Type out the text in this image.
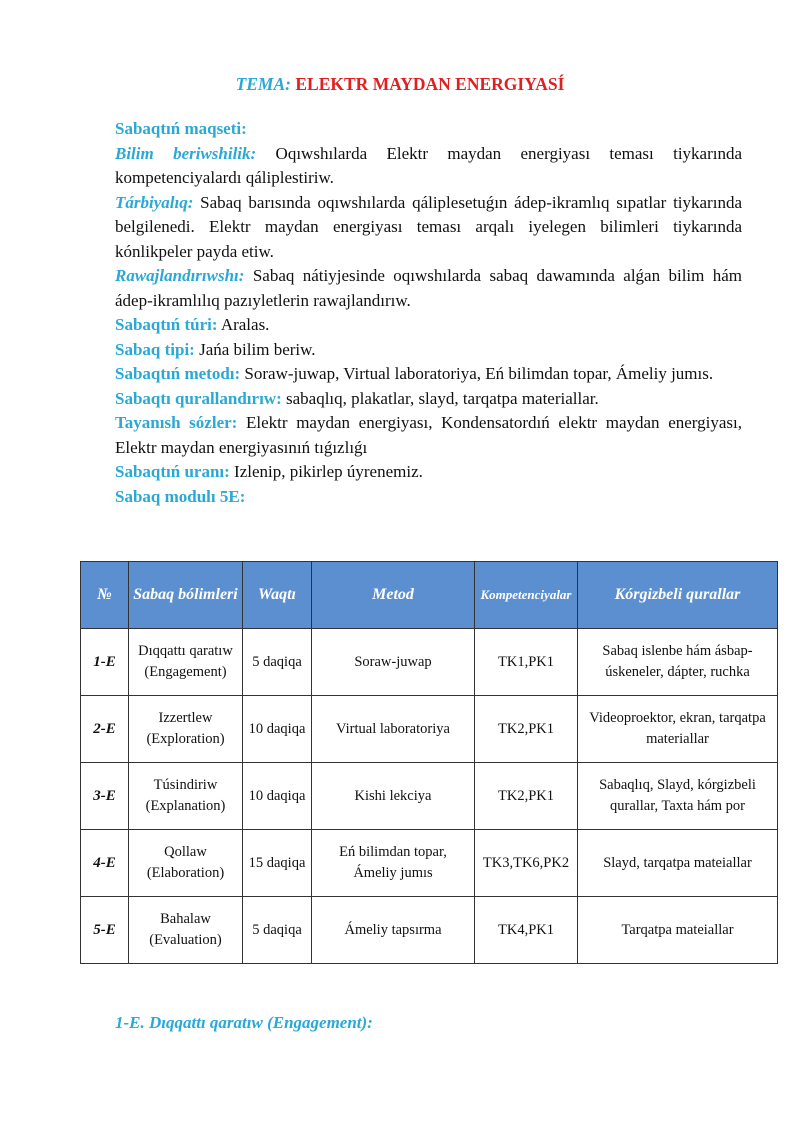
TEMA: ELEKTR MAYDAN ENERGIYASÍ

Sabaqtıń maqseti:

Bilim beriwshilik: Oqıwshılarda Elektr maydan energiyası teması tiykarında kompetenciyalardı qáliplestiriw.

Tárbiyalıq: Sabaq barısında oqıwshılarda qáliplesetuǵın ádep-ikramlıq sıpatlar tiykarında belgilenedi. Elektr maydan energiyası teması arqalı iyelegen bilimleri tiykarında kónlikpeler payda etiw.

Rawajlandırıwshı: Sabaq nátiyjesinde oqıwshılarda sabaq dawamında alǵan bilim hám ádep-ikramlılıq pazıyletlerin rawajlandırıw.

Sabaqtıń túri: Aralas.

Sabaq tipi: Jańa bilim beriw.

Sabaqtıń metodı: Soraw-juwap, Virtual laboratoriya, Eń bilimdan topar, Ámeliy jumıs.

Sabaqtı qurallandırıw: sabaqlıq, plakatlar, slayd, tarqatpa materiallar.

Tayanısh sózler: Elektr maydan energiyası, Kondensatordıń elektr maydan energiyası, Elektr maydan energiyasınıń tıǵızlıǵı

Sabaqtıń uranı: Izlenip, pikirlep úyrenemiz.

Sabaq modulı 5E:

№	Sabaq bólimleri	Waqtı	Metod	Kompetenciyalar	Kórgizbeli qurallar
1-E	Dıqqattı qaratıw (Engagement)	5 daqiqa	Soraw-juwap	TK1,PK1	Sabaq islenbe hám ásbap-úskeneler, dápter, ruchka
2-E	Izzertlew (Exploration)	10 daqiqa	Virtual laboratoriya	TK2,PK1	Videoproektor, ekran, tarqatpa materiallar
3-E	Túsindiriw (Explanation)	10 daqiqa	Kishi lekciya	TK2,PK1	Sabaqlıq, Slayd, kórgizbeli qurallar, Taxta hám por
4-E	Qollaw (Elaboration)	15 daqiqa	Eń bilimdan topar, Ámeliy jumıs	TK3,TK6,PK2	Slayd, tarqatpa mateiallar
5-E	Bahalaw (Evaluation)	5 daqiqa	Ámeliy tapsırma	TK4,PK1	Tarqatpa mateiallar
1-E. Dıqqattı qaratıw (Engagement):
